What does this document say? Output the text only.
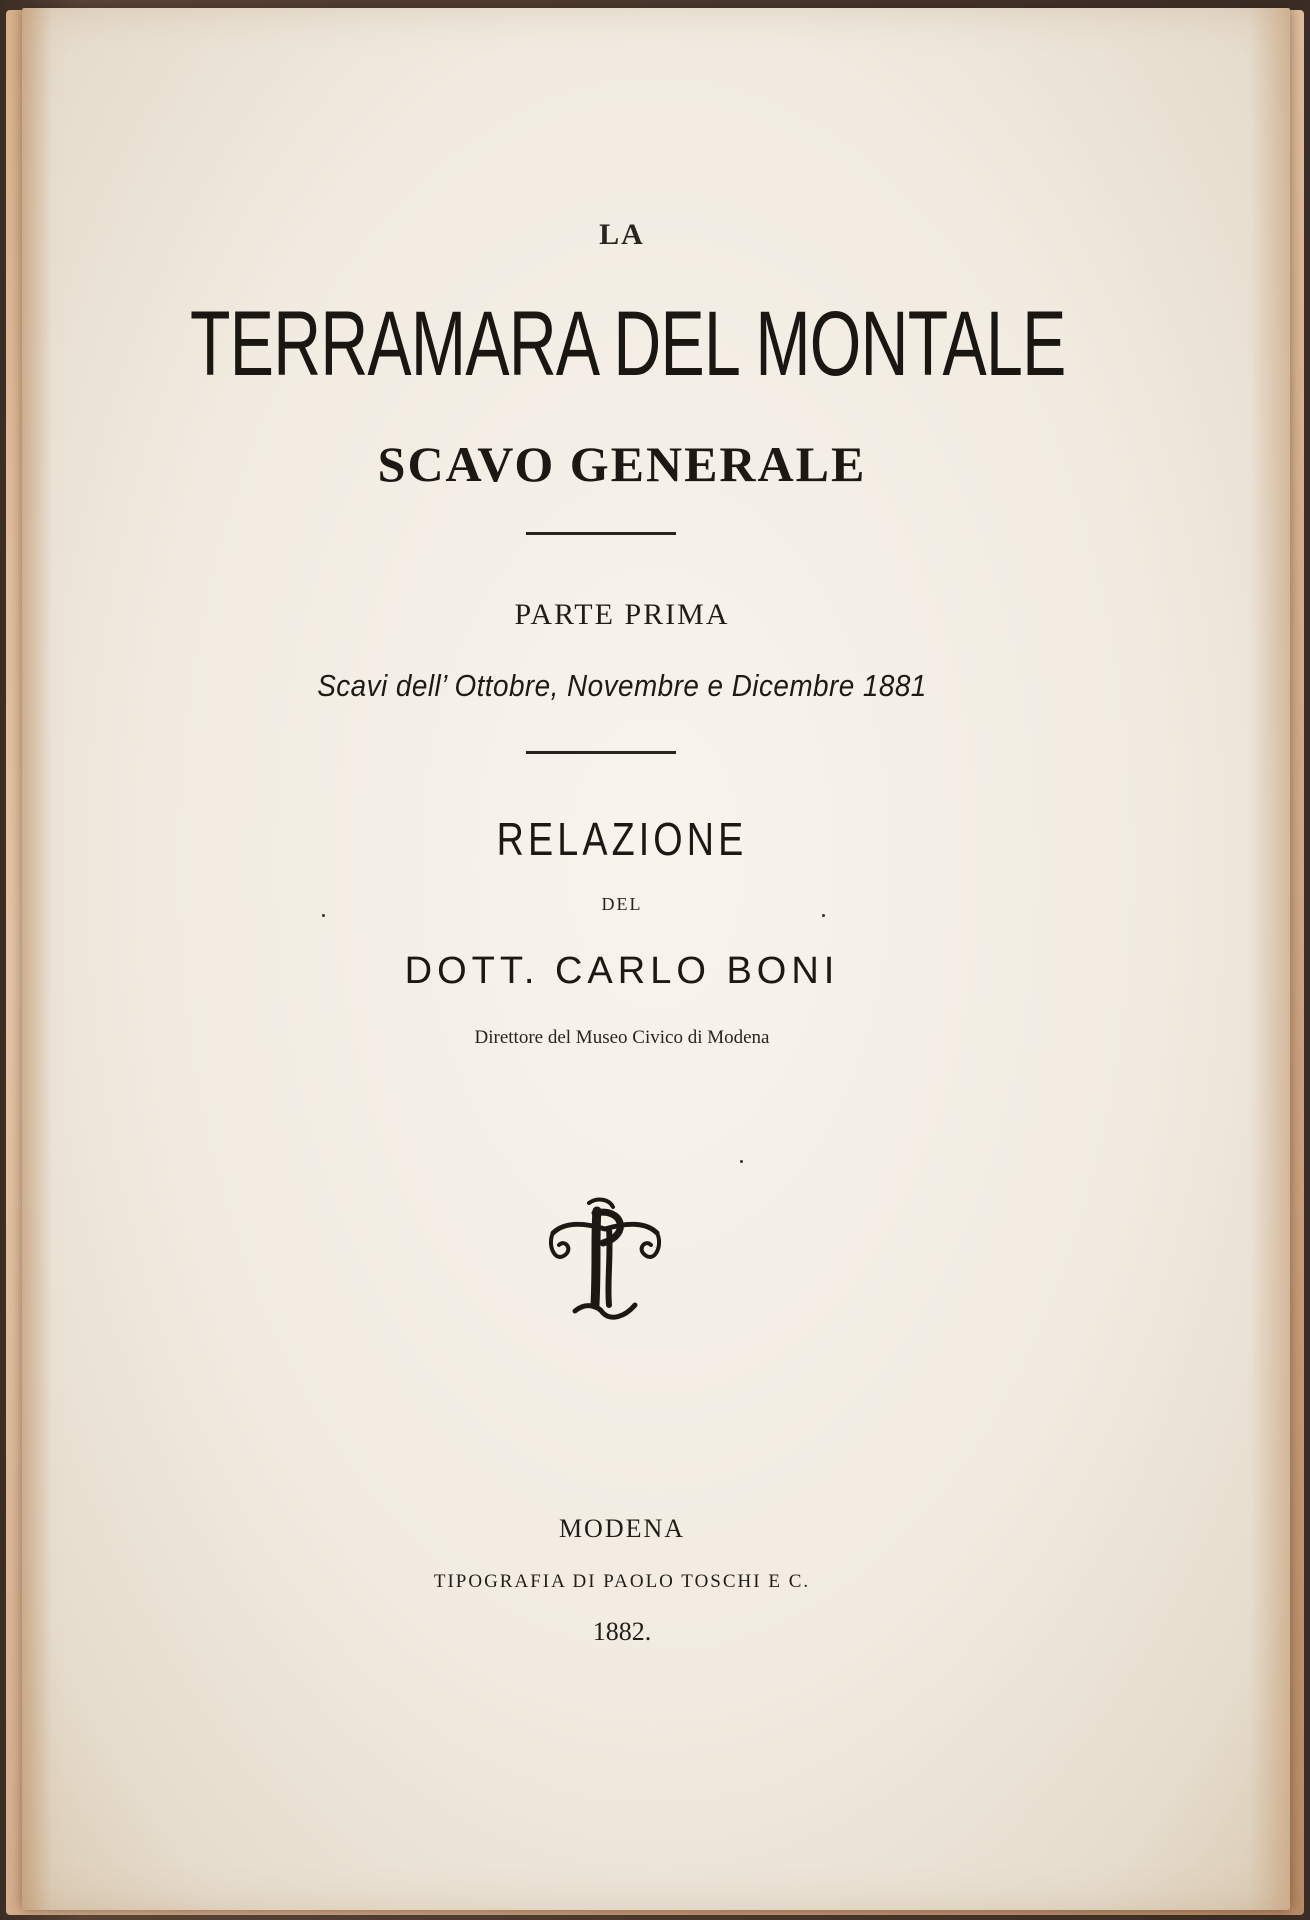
LA
TERRAMARA DEL MONTALE
SCAVO GENERALE
PARTE PRIMA
Scavi dell’ Ottobre, Novembre e Dicembre 1881
RELAZIONE
DEL
DOTT. CARLO BONI
Direttore del Museo Civico di Modena
MODENA
TIPOGRAFIA DI PAOLO TOSCHI E C.
1882.
